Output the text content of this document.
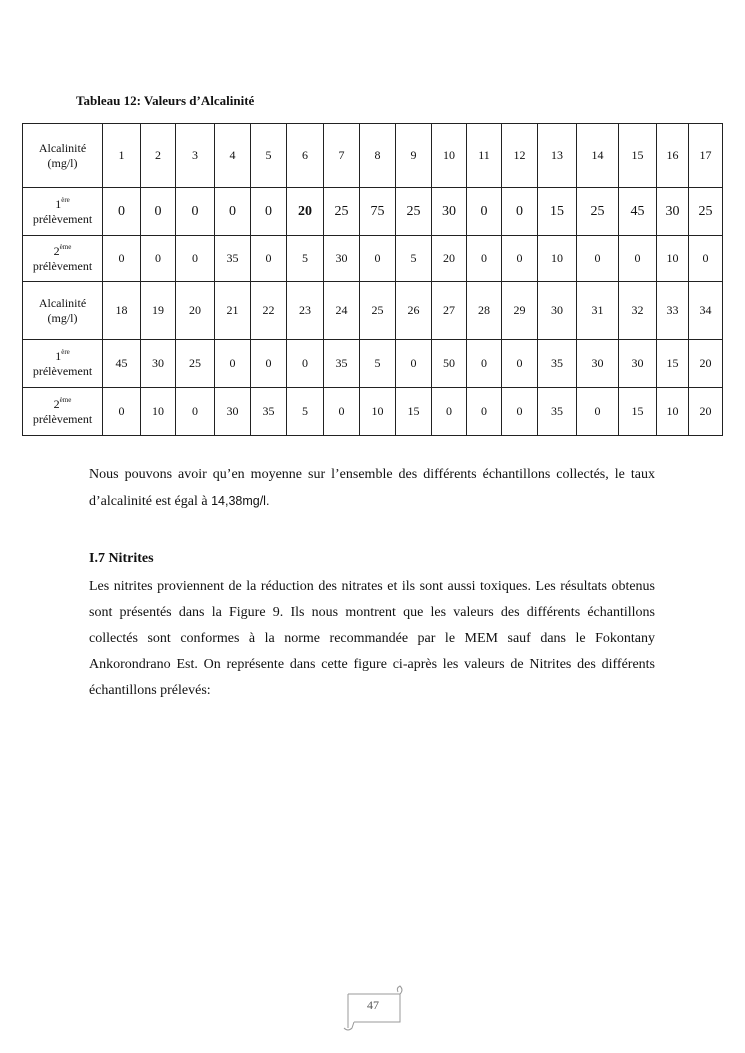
Tableau 12: Valeurs d’Alcalinité
Alcalinité (mg/l)	1	2	3	4	5	6	7	8	9	10	11	12	13	14	15	16	17
1ère
prélèvement	0	0	0	0	0	20	25	75	25	30	0	0	15	25	45	30	25
2ème
prélèvement	0	0	0	35	0	5	30	0	5	20	0	0	10	0	0	10	0
Alcalinité (mg/l)	18	19	20	21	22	23	24	25	26	27	28	29	30	31	32	33	34
1ère
prélèvement	45	30	25	0	0	0	35	5	0	50	0	0	35	30	30	15	20
2ème
prélèvement	0	10	0	30	35	5	0	10	15	0	0	0	35	0	15	10	20

Nous pouvons avoir qu’en moyenne sur l’ensemble des différents échantillons collectés, le taux d’alcalinité est égal à 14,38mg/l.

I.7 Nitrites

Les nitrites proviennent de la réduction des nitrates et ils sont aussi toxiques. Les résultats obtenus sont présentés dans la Figure 9. Ils nous montrent que les valeurs des différents échantillons collectés sont conformes à la norme recommandée par le MEM sauf dans le Fokontany Ankorondrano Est. On représente dans cette figure ci-après les valeurs de Nitrites des différents échantillons prélevés:

47
